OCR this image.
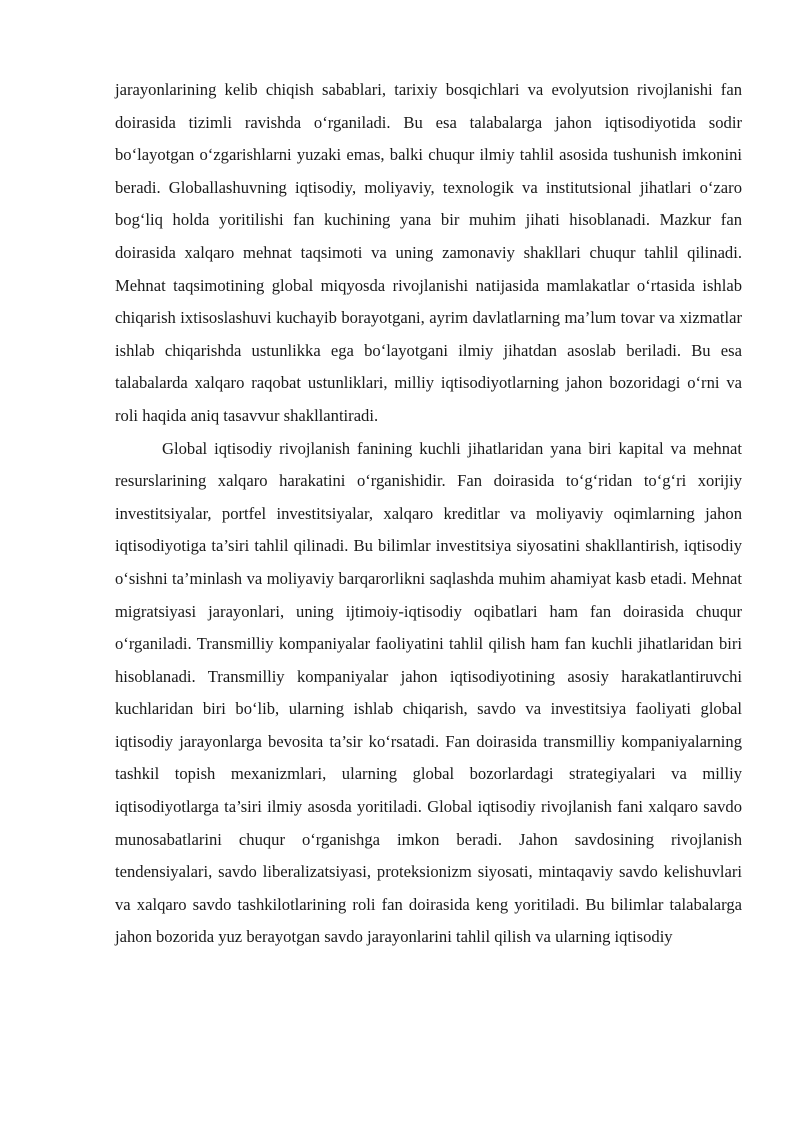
jarayonlarining kelib chiqish sabablari, tarixiy bosqichlari va evolyutsion rivojlanishi fan doirasida tizimli ravishda o‘rganiladi. Bu esa talabalarga jahon iqtisodiyotida sodir bo‘layotgan o‘zgarishlarni yuzaki emas, balki chuqur ilmiy tahlil asosida tushunish imkonini beradi. Globallashuvning iqtisodiy, moliyaviy, texnologik va institutsional jihatlari o‘zaro bog‘liq holda yoritilishi fan kuchining yana bir muhim jihati hisoblanadi. Mazkur fan doirasida xalqaro mehnat taqsimoti va uning zamonaviy shakllari chuqur tahlil qilinadi. Mehnat taqsimotining global miqyosda rivojlanishi natijasida mamlakatlar o‘rtasida ishlab chiqarish ixtisoslashuvi kuchayib borayotgani, ayrim davlatlarning ma’lum tovar va xizmatlar ishlab chiqarishda ustunlikka ega bo‘layotgani ilmiy jihatdan asoslab beriladi. Bu esa talabalarda xalqaro raqobat ustunliklari, milliy iqtisodiyotlarning jahon bozoridagi o‘rni va roli haqida aniq tasavvur shakllantiradi.

Global iqtisodiy rivojlanish fanining kuchli jihatlaridan yana biri kapital va mehnat resurslarining xalqaro harakatini o‘rganishidir. Fan doirasida to‘g‘ridan to‘g‘ri xorijiy investitsiyalar, portfel investitsiyalar, xalqaro kreditlar va moliyaviy oqimlarning jahon iqtisodiyotiga ta’siri tahlil qilinadi. Bu bilimlar investitsiya siyosatini shakllantirish, iqtisodiy o‘sishni ta’minlash va moliyaviy barqarorlikni saqlashda muhim ahamiyat kasb etadi. Mehnat migratsiyasi jarayonlari, uning ijtimoiy-iqtisodiy oqibatlari ham fan doirasida chuqur o‘rganiladi. Transmilliy kompaniyalar faoliyatini tahlil qilish ham fan kuchli jihatlaridan biri hisoblanadi. Transmilliy kompaniyalar jahon iqtisodiyotining asosiy harakatlantiruvchi kuchlaridan biri bo‘lib, ularning ishlab chiqarish, savdo va investitsiya faoliyati global iqtisodiy jarayonlarga bevosita ta’sir ko‘rsatadi. Fan doirasida transmilliy kompaniyalarning tashkil topish mexanizmlari, ularning global bozorlardagi strategiyalari va milliy iqtisodiyotlarga ta’siri ilmiy asosda yoritiladi. Global iqtisodiy rivojlanish fani xalqaro savdo munosabatlarini chuqur o‘rganishga imkon beradi. Jahon savdosining rivojlanish tendensiyalari, savdo liberalizatsiyasi, proteksionizm siyosati, mintaqaviy savdo kelishuvlari va xalqaro savdo tashkilotlarining roli fan doirasida keng yoritiladi. Bu bilimlar talabalarga jahon bozorida yuz berayotgan savdo jarayonlarini tahlil qilish va ularning iqtisodiy
